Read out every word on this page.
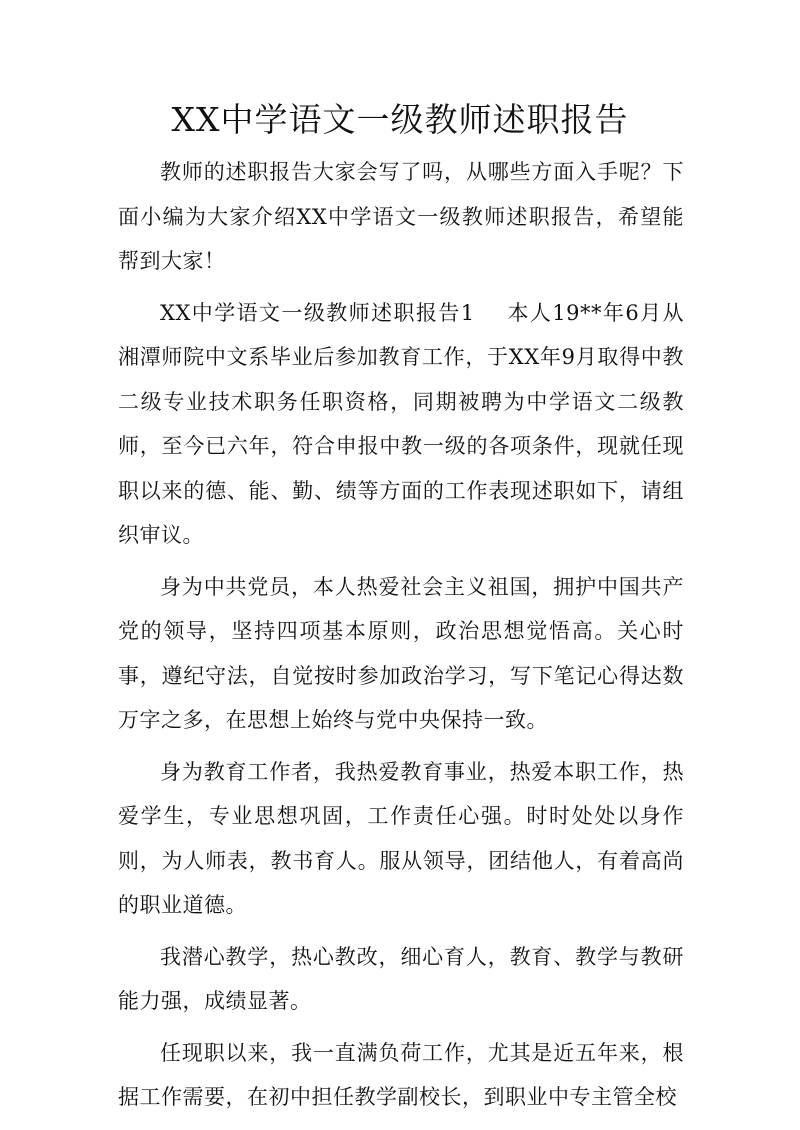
XX中学语文一级教师述职报告

教师的述职报告大家会写了吗，从哪些方面入手呢？下面小编为大家介绍XX中学语文一级教师述职报告，希望能帮到大家！

XX中学语文一级教师述职报告1 本人19**年6月从湘潭师院中文系毕业后参加教育工作，于XX年9月取得中教二级专业技术职务任职资格，同期被聘为中学语文二级教师，至今已六年，符合申报中教一级的各项条件，现就任现职以来的德、能、勤、绩等方面的工作表现述职如下，请组织审议。

身为中共党员，本人热爱社会主义祖国，拥护中国共产党的领导，坚持四项基本原则，政治思想觉悟高。关心时事，遵纪守法，自觉按时参加政治学习，写下笔记心得达数万字之多，在思想上始终与党中央保持一致。

身为教育工作者，我热爱教育事业，热爱本职工作，热爱学生，专业思想巩固，工作责任心强。时时处处以身作则，为人师表，教书育人。服从领导，团结他人，有着高尚的职业道德。

我潜心教学，热心教改，细心育人，教育、教学与教研能力强，成绩显著。

任现职以来，我一直满负荷工作，尤其是近五年来，根据工作需要，在初中担任教学副校长，到职业中专主管全校
